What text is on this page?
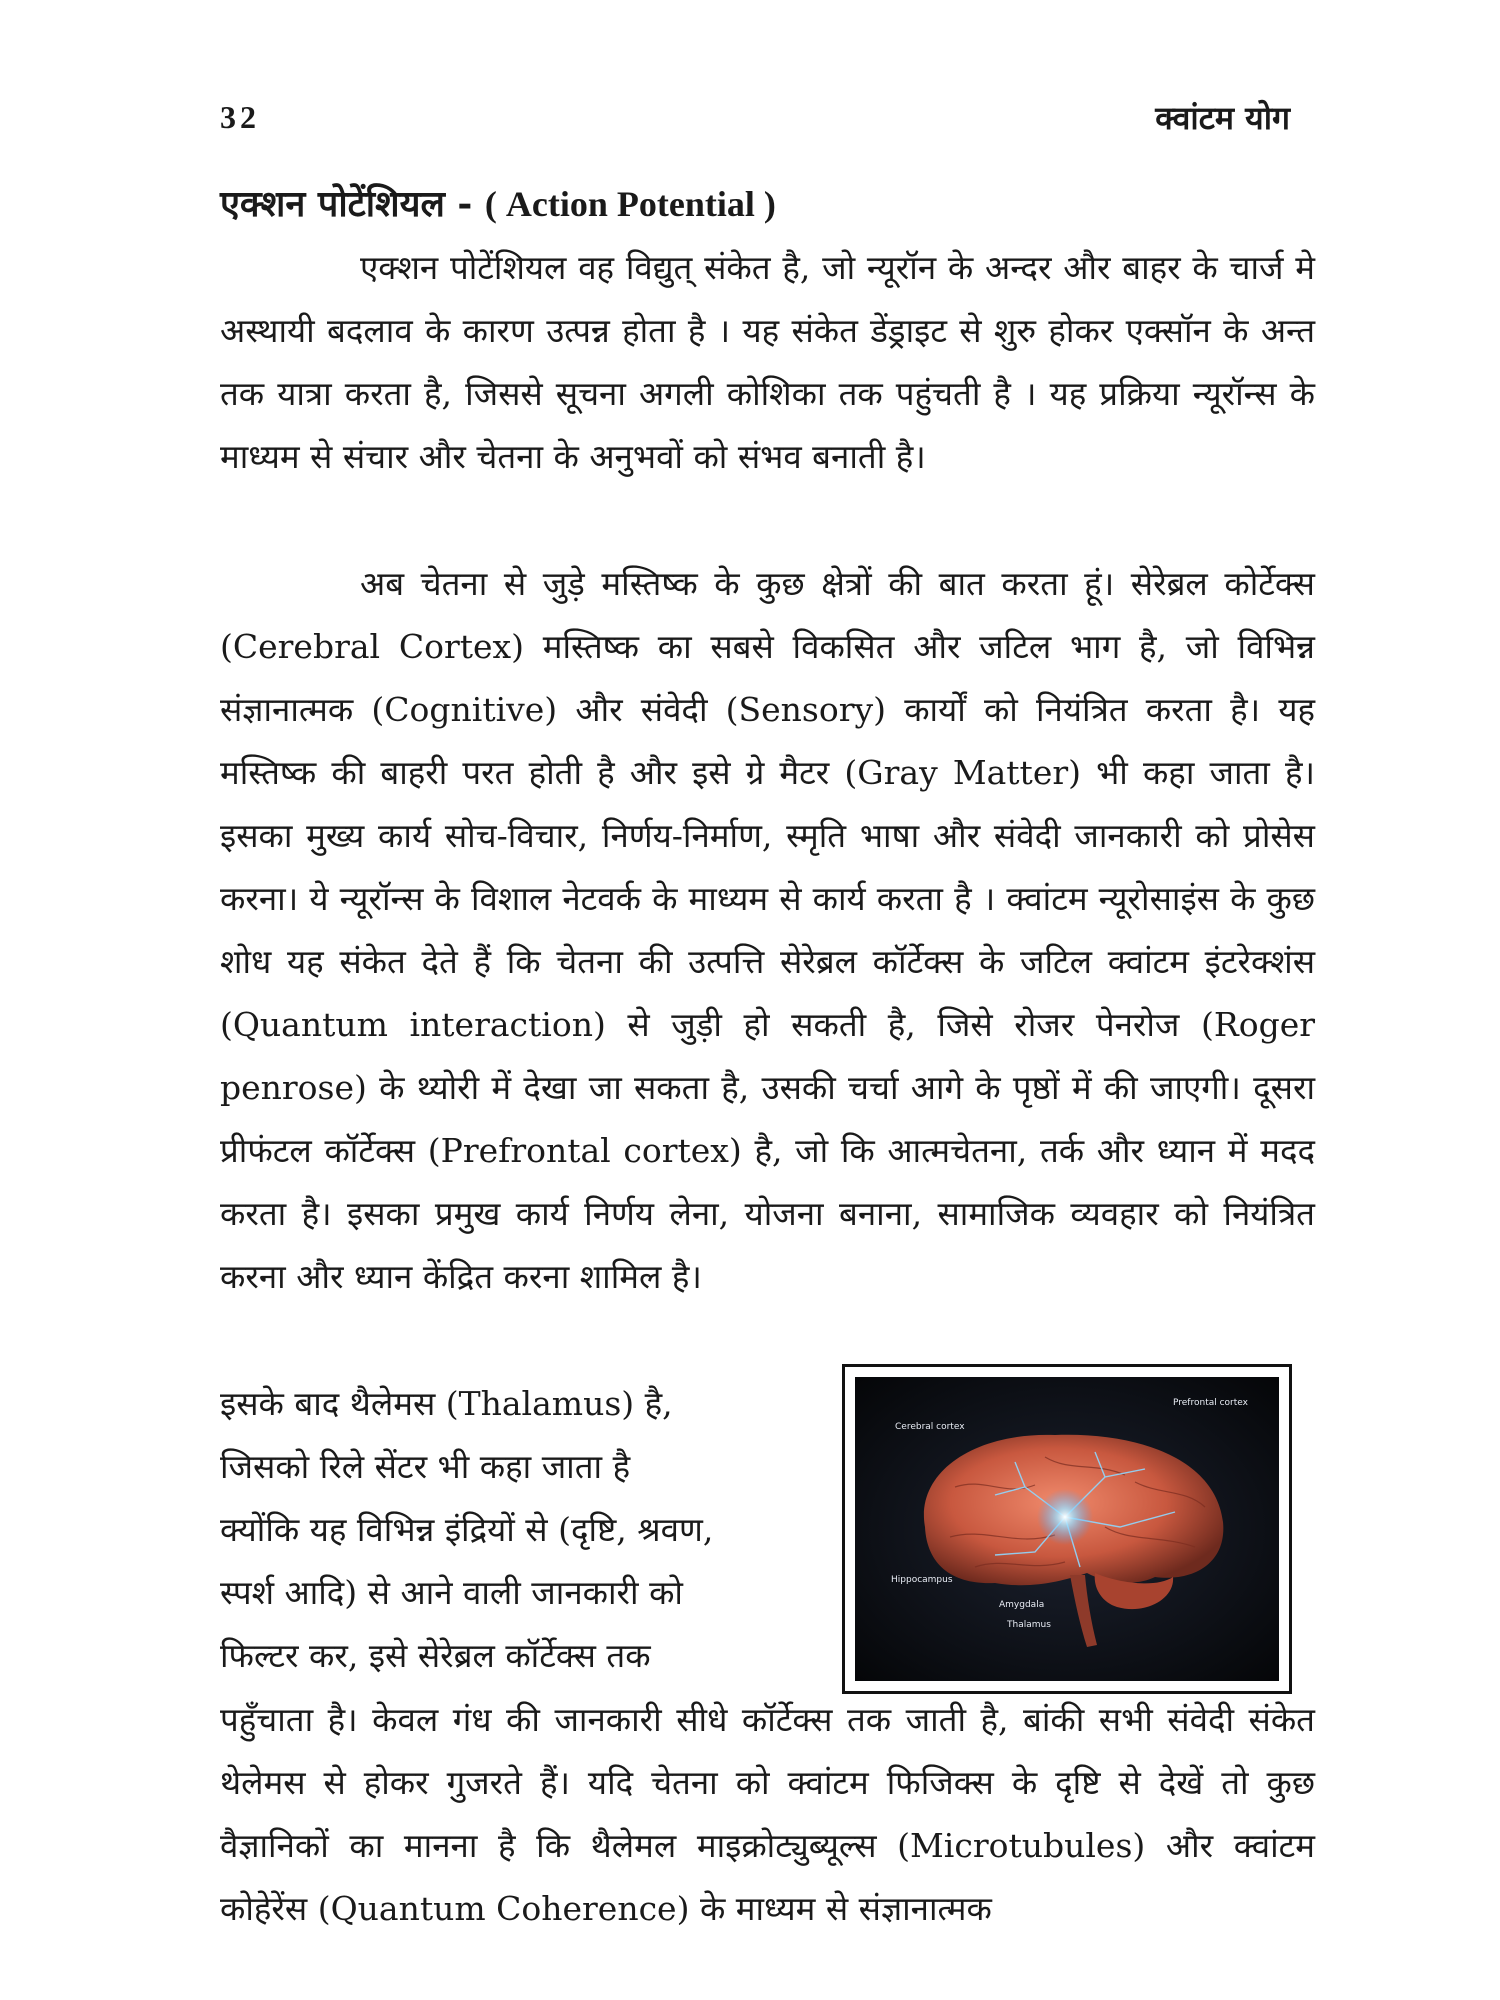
32	क्वांटम योग
एक्शन पोटेंशियल - ( Action Potential )

एक्शन पोटेंशियल वह विद्युत् संकेत है, जो न्यूरॉन के अन्दर और बाहर के चार्ज मे अस्थायी बदलाव के कारण उत्पन्न होता है । यह संकेत डेंड्राइट से शुरु होकर एक्सॉन के अन्त तक यात्रा करता है, जिससे सूचना अगली कोशिका तक पहुंचती है । यह प्रक्रिया न्यूरॉन्स के माध्यम से संचार और चेतना के अनुभवों को संभव बनाती है।

अब चेतना से जुड़े मस्तिष्क के कुछ क्षेत्रों की बात करता हूं। सेरेब्रल कोर्टेक्स (Cerebral Cortex) मस्तिष्क का सबसे विकसित और जटिल भाग है, जो विभिन्न संज्ञानात्मक (Cognitive) और संवेदी (Sensory) कार्यों को नियंत्रित करता है। यह मस्तिष्क की बाहरी परत होती है और इसे ग्रे मैटर (Gray Matter) भी कहा जाता है। इसका मुख्य कार्य सोच-विचार, निर्णय-निर्माण, स्मृति भाषा और संवेदी जानकारी को प्रोसेस करना। ये न्यूरॉन्स के विशाल नेटवर्क के माध्यम से कार्य करता है । क्वांटम न्यूरोसाइंस के कुछ शोध यह संकेत देते हैं कि चेतना की उत्पत्ति सेरेब्रल कॉर्टेक्स के जटिल क्वांटम इंटरेक्शंस (Quantum interaction) से जुड़ी हो सकती है, जिसे रोजर पेनरोज (Roger penrose) के थ्योरी में देखा जा सकता है, उसकी चर्चा आगे के पृष्ठों में की जाएगी। दूसरा प्रीफंटल कॉर्टेक्स (Prefrontal cortex) है, जो कि आत्मचेतना, तर्क और ध्यान में मदद करता है। इसका प्रमुख कार्य निर्णय लेना, योजना बनाना, सामाजिक व्यवहार को नियंत्रित करना और ध्यान केंद्रित करना शामिल है।

इसके बाद थैलेमस (Thalamus) है,
जिसको रिले सेंटर भी कहा जाता है
क्योंकि यह विभिन्न इंद्रियों से (दृष्टि, श्रवण,
स्पर्श आदि) से आने वाली जानकारी को
फिल्टर कर, इसे सेरेब्रल कॉर्टेक्स तक
Prefrontal cortex
Cerebral cortex
Hippocampus
Amygdala
Thalamus

पहुँचाता है। केवल गंध की जानकारी सीधे कॉर्टेक्स तक जाती है, बांकी सभी संवेदी संकेत थेलेमस से होकर गुजरते हैं। यदि चेतना को क्वांटम फिजिक्स के दृष्टि से देखें तो कुछ वैज्ञानिकों का मानना है कि थैलेमल माइक्रोट्युब्यूल्स (Microtubules) और क्वांटम कोहेरेंस (Quantum Coherence) के माध्यम से संज्ञानात्मक
